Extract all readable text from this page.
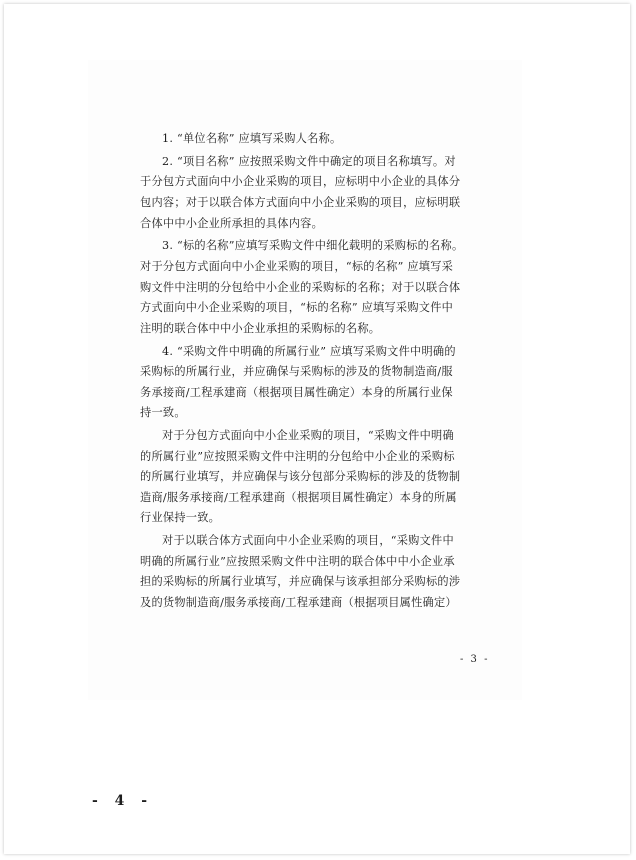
1. “单位名称” 应填写采购人名称。
2. “项目名称” 应按照采购文件中确定的项目名称填写。对
于分包方式面向中小企业采购的项目，应标明中小企业的具体分
包内容；对于以联合体方式面向中小企业采购的项目，应标明联
合体中中小企业所承担的具体内容。
3. “标的名称”应填写采购文件中细化载明的采购标的名称。
对于分包方式面向中小企业采购的项目，“标的名称” 应填写采
购文件中注明的分包给中小企业的采购标的名称；对于以联合体
方式面向中小企业采购的项目，“标的名称” 应填写采购文件中
注明的联合体中中小企业承担的采购标的名称。
4. “采购文件中明确的所属行业” 应填写采购文件中明确的
采购标的所属行业，并应确保与采购标的涉及的货物制造商/服
务承接商/工程承建商（根据项目属性确定）本身的所属行业保
持一致。
对于分包方式面向中小企业采购的项目，“采购文件中明确
的所属行业”应按照采购文件中注明的分包给中小企业的采购标
的所属行业填写，并应确保与该分包部分采购标的涉及的货物制
造商/服务承接商/工程承建商（根据项目属性确定）本身的所属
行业保持一致。
对于以联合体方式面向中小企业采购的项目，“采购文件中
明确的所属行业”应按照采购文件中注明的联合体中中小企业承
担的采购标的所属行业填写，并应确保与该承担部分采购标的涉
及的货物制造商/服务承接商/工程承建商（根据项目属性确定）
- 3 -
- 4 -
